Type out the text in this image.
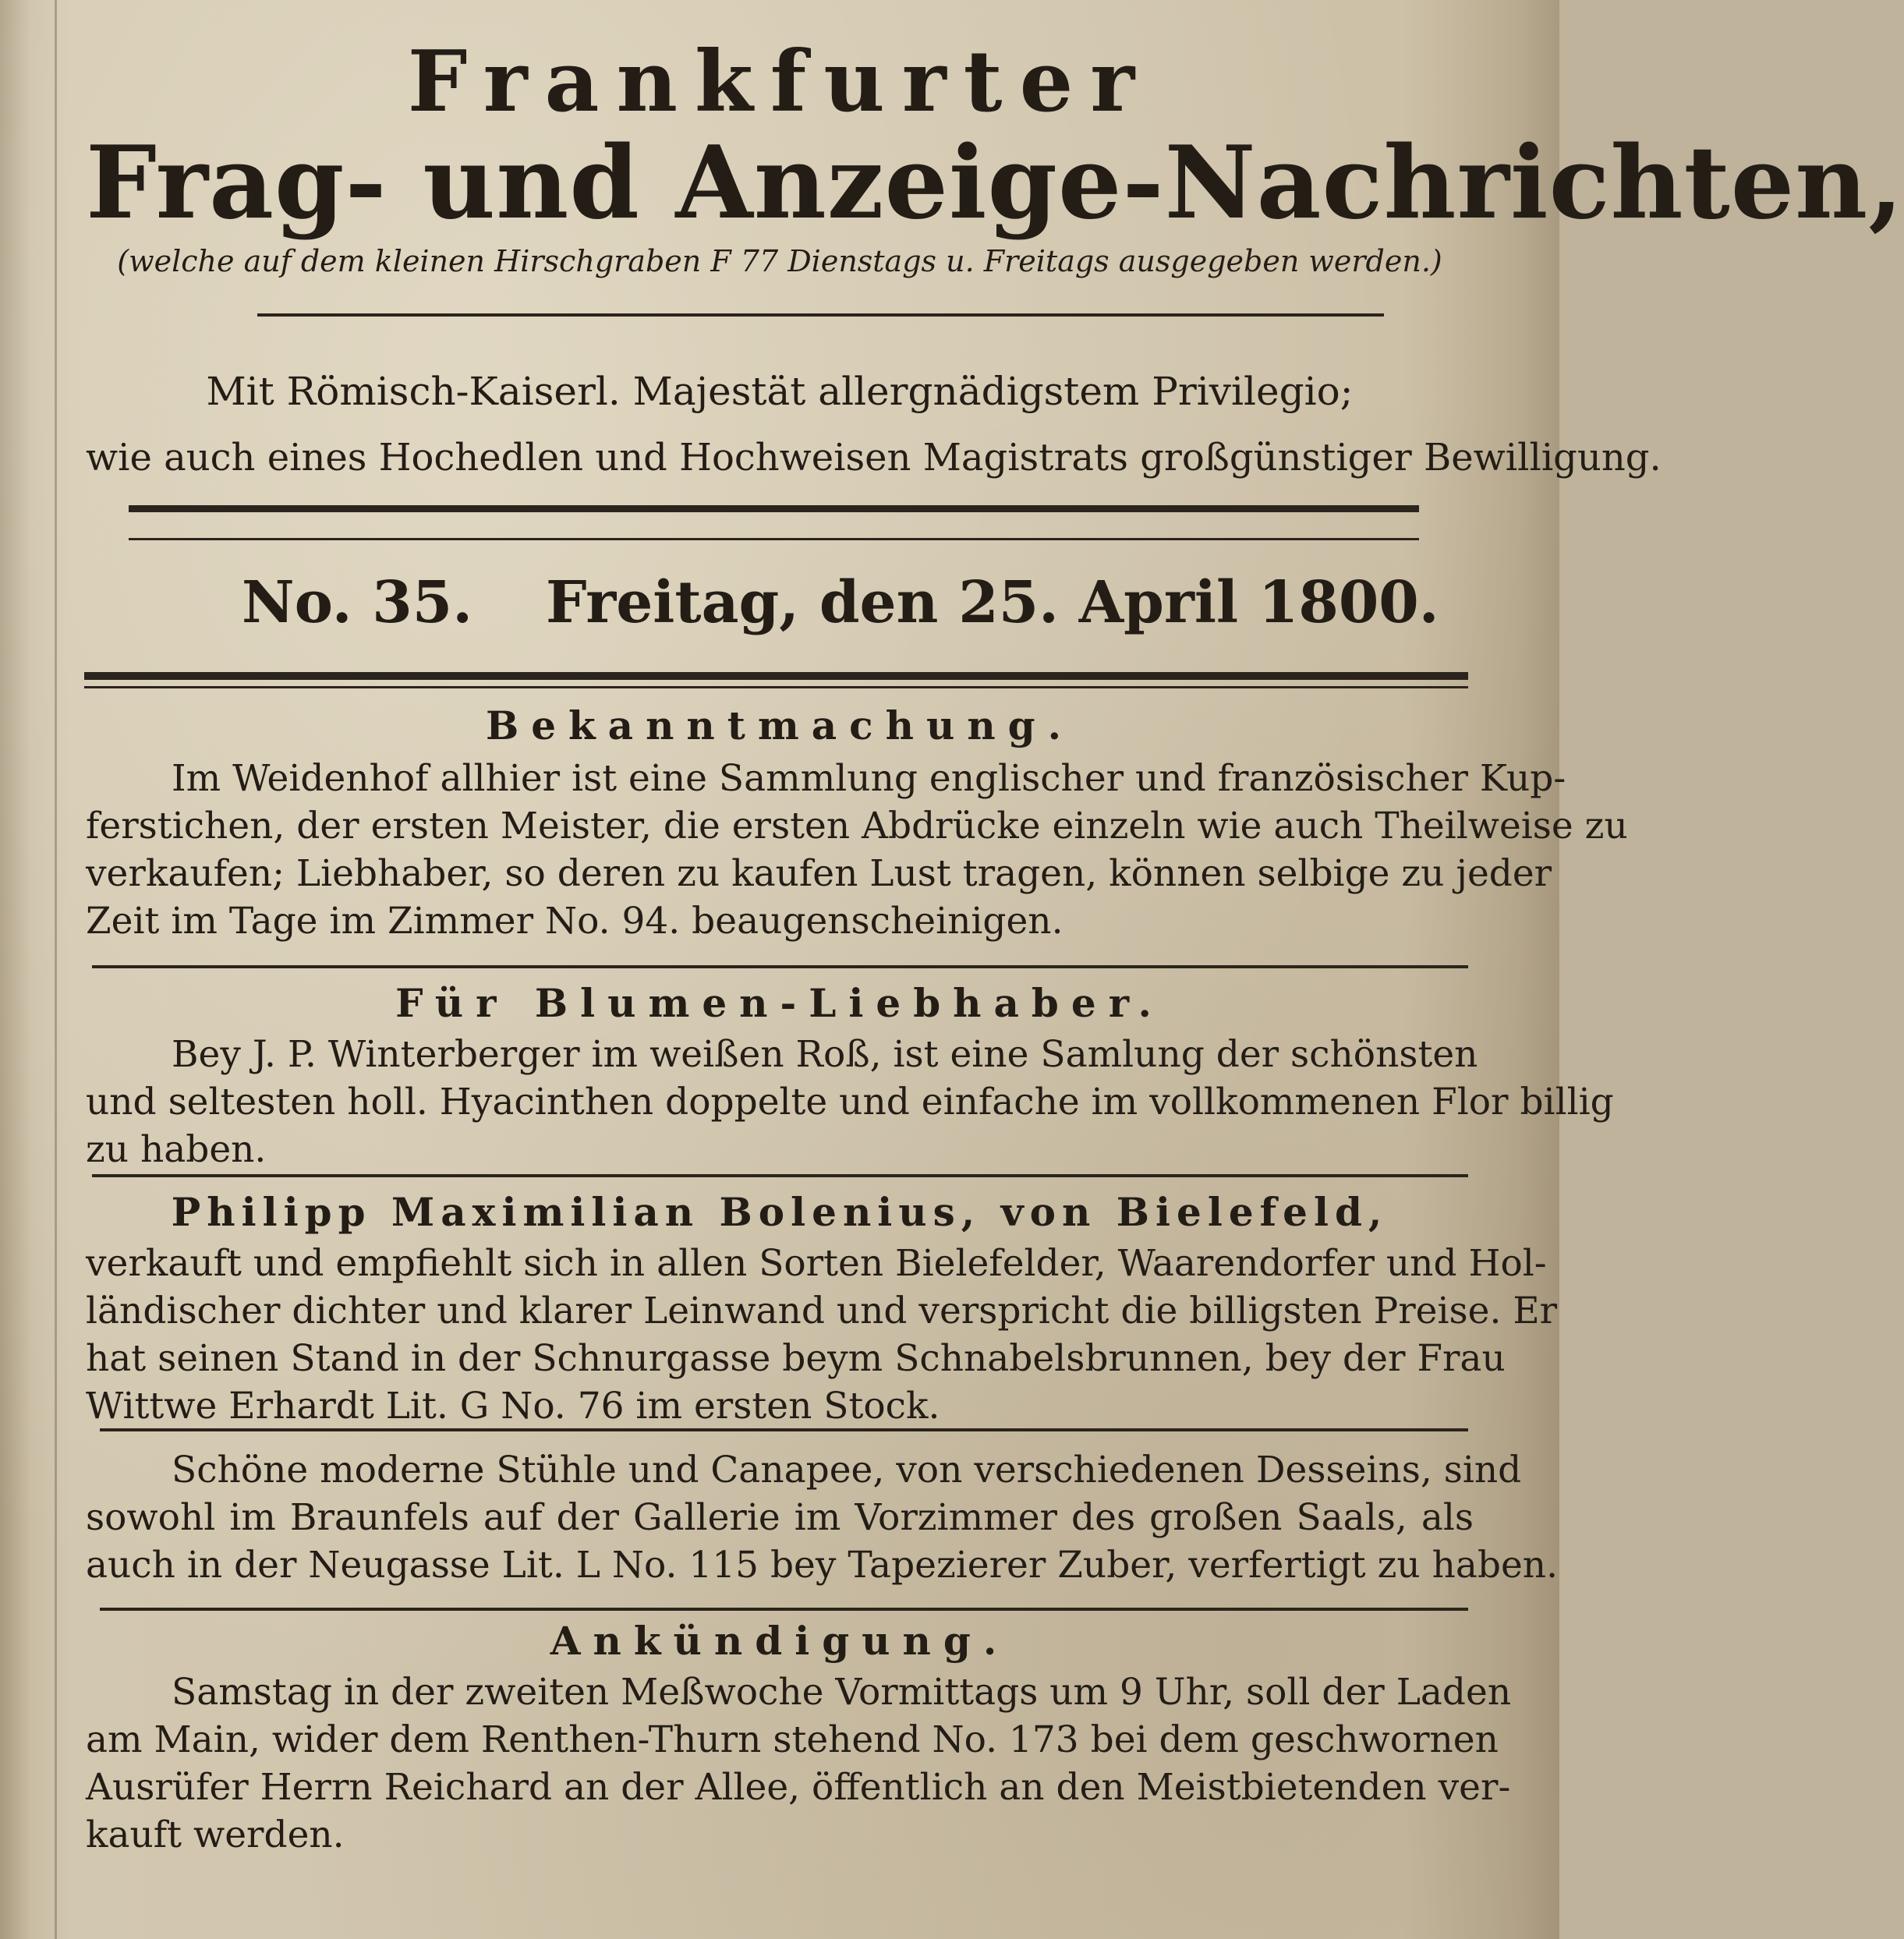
Frankfurter
Frag- und Anzeige-Nachrichten,
(welche auf dem kleinen Hirschgraben F 77 Dienstags u. Freitags ausgegeben werden.)
Mit Römisch-Kaiserl. Majestät allergnädigstem Privilegio;
wie auch eines Hochedlen und Hochweisen Magistrats großgünstiger Bewilligung.
No. 35. Freitag, den 25. April 1800.
Bekanntmachung.
Im Weidenhof allhier ist eine Sammlung englischer und französischer Kup-
ferstichen, der ersten Meister, die ersten Abdrücke einzeln wie auch Theilweise zu
verkaufen; Liebhaber, so deren zu kaufen Lust tragen, können selbige zu jeder
Zeit im Tage im Zimmer No. 94. beaugenscheinigen.
Für Blumen-Liebhaber.
Bey J. P. Winterberger im weißen Roß, ist eine Samlung der schönsten
und seltesten holl. Hyacinthen doppelte und einfache im vollkommenen Flor billig
zu haben.
Philipp Maximilian Bolenius, von Bielefeld,
verkauft und empfiehlt sich in allen Sorten Bielefelder, Waarendorfer und Hol-
ländischer dichter und klarer Leinwand und verspricht die billigsten Preise. Er
hat seinen Stand in der Schnurgasse beym Schnabelsbrunnen, bey der Frau
Wittwe Erhardt Lit. G No. 76 im ersten Stock.
Schöne moderne Stühle und Canapee, von verschiedenen Desseins, sind
sowohl im Braunfels auf der Gallerie im Vorzimmer des großen Saals, als
auch in der Neugasse Lit. L No. 115 bey Tapezierer Zuber, verfertigt zu haben.
Ankündigung.
Samstag in der zweiten Meßwoche Vormittags um 9 Uhr, soll der Laden
am Main, wider dem Renthen-Thurn stehend No. 173 bei dem geschwornen
Ausrüfer Herrn Reichard an der Allee, öffentlich an den Meistbietenden ver-
kauft werden.
